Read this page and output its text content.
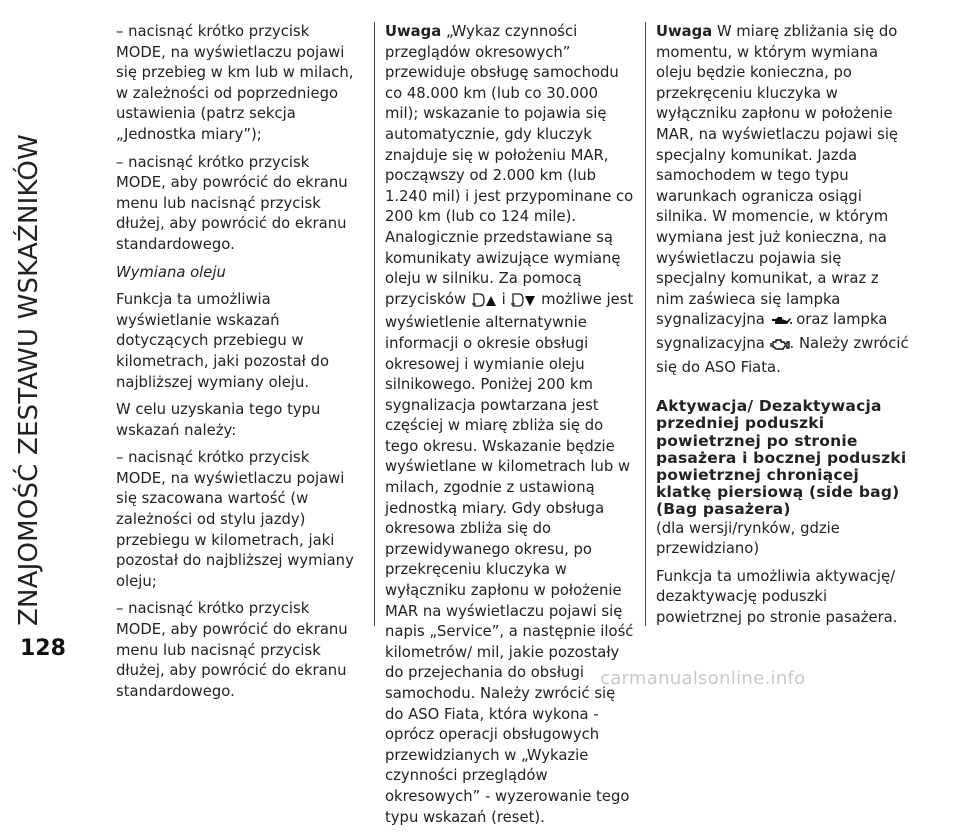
ZNAJOMOŚĆ ZESTAWU WSKAŹNIKÓW

– nacisnąć krótko przycisk MODE, na wyświetlaczu pojawi się przebieg w km lub w milach, w zależności od poprzedniego ustawienia (patrz sekcja „Jednostka miary”);

– nacisnąć krótko przycisk MODE, aby powrócić do ekranu menu lub nacisnąć przycisk dłużej, aby powrócić do ekranu standardowego.

Wymiana oleju

Funkcja ta umożliwia wyświetlanie wskazań dotyczących przebiegu w kilometrach, jaki pozostał do najbliższej wymiany oleju.

W celu uzyskania tego typu wskazań należy:

– nacisnąć krótko przycisk MODE, na wyświetlaczu pojawi się szacowana wartość (w zależności od stylu jazdy) przebiegu w kilometrach, jaki pozostał do najbliższej wymiany oleju;

– nacisnąć krótko przycisk MODE, aby powrócić do ekranu menu lub nacisnąć przycisk dłużej, aby powrócić do ekranu standardowego.

Uwaga „Wykaz czynności przeglądów okresowych” przewiduje obsługę samochodu co 48.000 km (lub co 30.000 mil); wskazanie to pojawia się automatycznie, gdy kluczyk znajduje się w położeniu MAR, począwszy od 2.000 km (lub 1.240 mil) i jest przypominane co 200 km (lub co 124 mile). Analogicznie przedstawiane są komunikaty awizujące wymianę oleju w silniku. Za pomocą przycisków i możliwe jest wyświetlenie alternatywnie informacji o okresie obsługi okresowej i wymianie oleju silnikowego. Poniżej 200 km sygnalizacja powtarzana jest częściej w miarę zbliża się do tego okresu. Wskazanie będzie wyświetlane w kilometrach lub w milach, zgodnie z ustawioną jednostką miary. Gdy obsługa okresowa zbliża się do przewidywanego okresu, po przekręceniu kluczyka w wyłączniku zapłonu w położenie MAR na wyświetlaczu pojawi się napis „Service”, a następnie ilość kilometrów/ mil, jakie pozostały do przejechania do obsługi samochodu. Należy zwrócić się do ASO Fiata, która wykona - oprócz operacji obsługowych przewidzianych w „Wykazie czynności przeglądów okresowych” - wyzerowanie tego typu wskazań (reset).

Uwaga W miarę zbliżania się do momentu, w którym wymiana oleju będzie konieczna, po przekręceniu kluczyka w wyłączniku zapłonu w położenie MAR, na wyświetlaczu pojawi się specjalny komunikat. Jazda samochodem w tego typu warunkach ogranicza osiągi silnika. W momencie, w którym wymiana jest już konieczna, na wyświetlaczu pojawia się specjalny komunikat, a wraz z nim zaświeca się lampka sygnalizacyjna oraz lampka sygnalizacyjna . Należy zwrócić się do ASO Fiata.

Aktywacja/ Dezaktywacja przedniej poduszki powietrznej po stronie pasażera i bocznej poduszki powietrznej chroniącej klatkę piersiową (side bag) (Bag pasażera)

(dla wersji/rynków, gdzie przewidziano)

Funkcja ta umożliwia aktywację/ dezaktywację poduszki powietrznej po stronie pasażera.

128
carmanualsonline.info
